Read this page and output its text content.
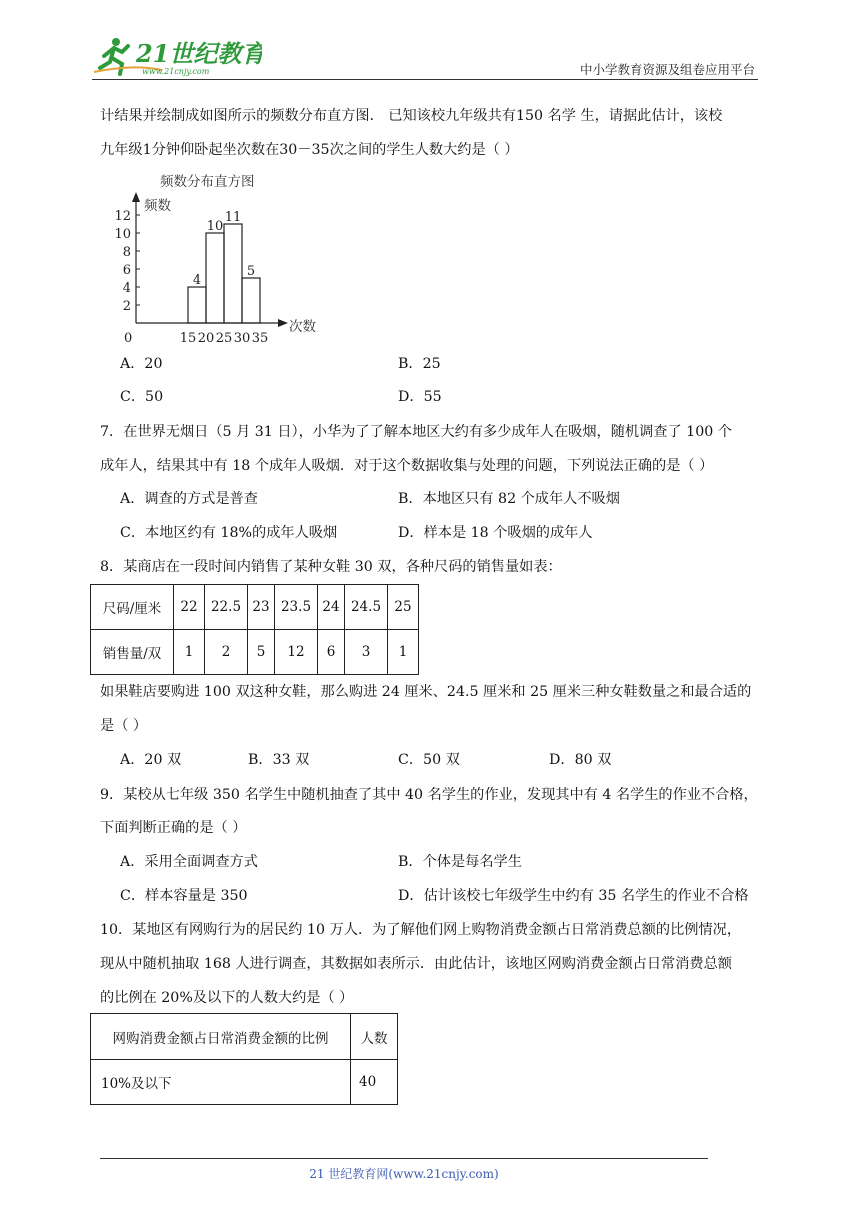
21世纪教育
www.21cnjy.com	中小学教育资源及组卷应用平台
计结果并绘制成如图所示的频数分布直方图． 已知该校九年级共有150 名学 生，请据此估计，该校
九年级1分钟仰卧起坐次数在30－35次之间的学生人数大约是（ ）
频数分布直方图
频数
次数
0
2
4
6
8
10
12
4
10
11
5
15 20 25 30 35
A．20	B．25
C．50	D．55
7．在世界无烟日（5 月 31 日），小华为了了解本地区大约有多少成年人在吸烟，随机调查了 100 个
成年人，结果其中有 18 个成年人吸烟．对于这个数据收集与处理的问题，下列说法正确的是（ ）
A．调查的方式是普查	B．本地区只有 82 个成年人不吸烟
C．本地区约有 18%的成年人吸烟	D．样本是 18 个吸烟的成年人
8．某商店在一段时间内销售了某种女鞋 30 双，各种尺码的销售量如表：
尺码/厘米	22	22.5	23	23.5	24	24.5	25
销售量/双	1	2	5	12	6	3	1
如果鞋店要购进 100 双这种女鞋，那么购进 24 厘米、24.5 厘米和 25 厘米三种女鞋数量之和最合适的
是（ ）
A．20 双	B．33 双	C．50 双	D．80 双
9．某校从七年级 350 名学生中随机抽查了其中 40 名学生的作业，发现其中有 4 名学生的作业不合格，
下面判断正确的是（ ）
A．采用全面调查方式	B．个体是每名学生
C．样本容量是 350	D．估计该校七年级学生中约有 35 名学生的作业不合格
10．某地区有网购行为的居民约 10 万人．为了解他们网上购物消费金额占日常消费总额的比例情况，
现从中随机抽取 168 人进行调查，其数据如表所示．由此估计，该地区网购消费金额占日常消费总额
的比例在 20%及以下的人数大约是（ ）
网购消费金额占日常消费金额的比例	人数
10%及以下	40
21 世纪教育网(www.21cnjy.com)
